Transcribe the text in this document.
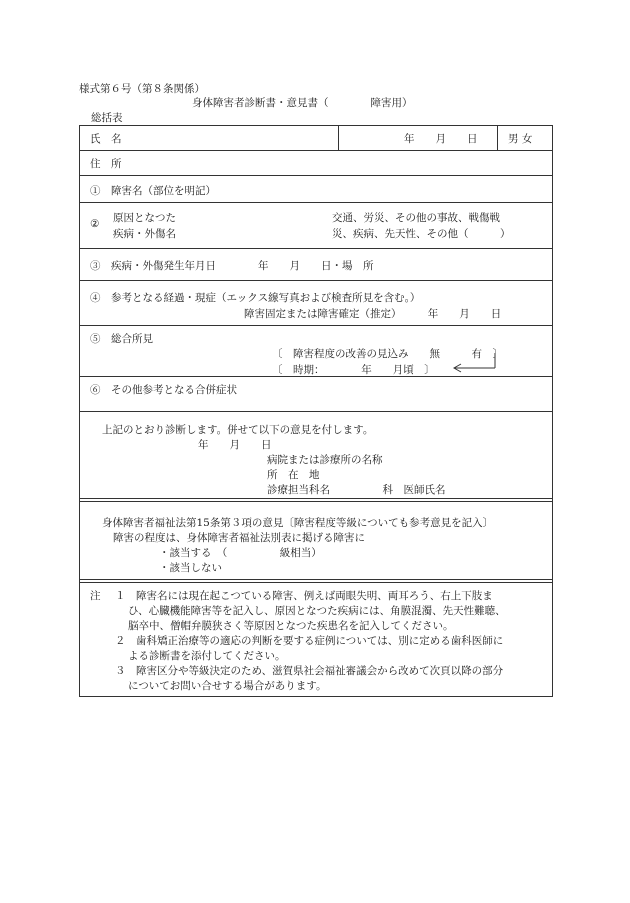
様式第６号（第８条関係）
身体障害者診断書・意見書（　　　　障害用）
総括表
氏　名	年　　月　　日	男 女
住　所
①　障害名（部位を明記）
② 原因となつた
疾病・外傷名
交通、労災、その他の事故、戦傷戦
災、疾病、先天性、その他（　　　）
③　疾病・外傷発生年月日　　　　年　　月　　日・場　所
④　参考となる経過・現症（エックス線写真および検査所見を含む。）
障害固定または障害確定（推定）　　　年　　月　　日
⑤　総合所見
〔　障害程度の改善の見込み　　無　　　有　〕
〔　時期：　　　　年　　月頃　〕
⑥　その他参考となる合併症状
上記のとおり診断します。併せて以下の意見を付します。
年　　月　　日
病院または診療所の名称
所　在　地
診療担当科名　　　　　科　医師氏名
身体障害者福祉法第15条第３項の意見〔障害程度等級についても参考意見を記入〕
障害の程度は、身体障害者福祉法別表に掲げる障害に
・該当する　（　　　　　級相当）
・該当しない
注 １　障害名には現在起こつている障害、例えば両眼失明、両耳ろう、右上下肢ま
ひ、心臓機能障害等を記入し、原因となつた疾病には、角膜混濁、先天性難聴、
脳卒中、僧帽弁膜狭さく等原因となつた疾患名を記入してください。
２　歯科矯正治療等の適応の判断を要する症例については、別に定める歯科医師に
よる診断書を添付してください。
３　障害区分や等級決定のため、滋賀県社会福祉審議会から改めて次頁以降の部分
についてお問い合せする場合があります。
